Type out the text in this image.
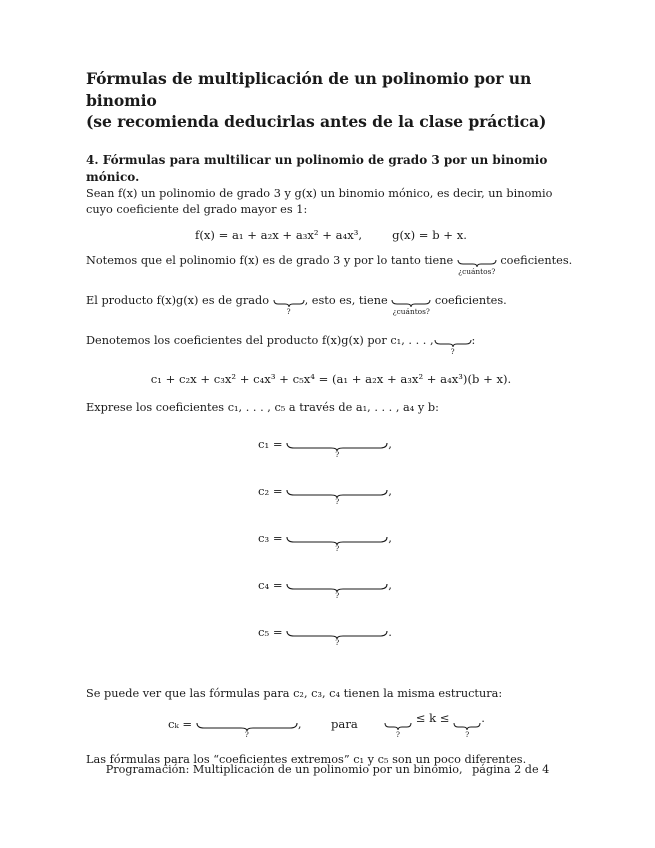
Fórmulas de multiplicación de un polinomio por un binomio
(se recomienda deducirlas antes de la clase práctica)
4. Fórmulas para multilicar un polinomio de grado 3 por un binomio mónico.
Sean f(x) un polinomio de grado 3 y g(x) un binomio mónico, es decir, un binomio cuyo coeficiente del grado mayor es 1:
f(x) = a₁ + a₂x + a₃x² + a₄x³,	g(x) = b + x.
Notemos que el polinomio f(x) es de grado 3 y por lo tanto tiene
¿cuántos?
coeficientes.
El producto f(x)g(x) es de grado
?
, esto es, tiene
¿cuántos?
coeficientes.
Denotemos los coeficientes del producto f(x)g(x) por c₁, . . . ,
?
:
c₁ + c₂x + c₃x² + c₄x³ + c₅x⁴ = (a₁ + a₂x + a₃x² + a₄x³)(b + x).
Exprese los coeficientes c₁, . . . , c₅ a través de a₁, . . . , a₄ y b:
c₁ =
?
,
c₂ =
?
,
c₃ =
?
,
c₄ =
?
,
c₅ =
?
.
Se puede ver que las fórmulas para c₂, c₃, c₄ tienen la misma estructura:
cₖ =
?
,	para
?
≤ k ≤
?
.
Las fórmulas para los “coeficientes extremos” c₁ y c₅ son un poco diferentes.
Programación: Multiplicación de un polinomio por un binomio, página 2 de 4
